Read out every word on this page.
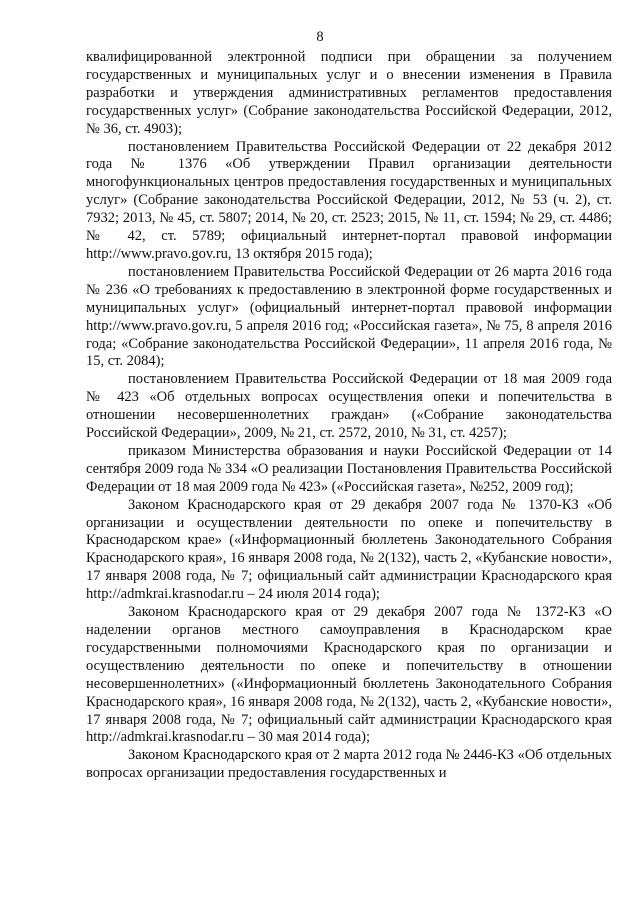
8

квалифицированной электронной подписи при обращении за получением государственных и муниципальных услуг и о внесении изменения в Правила разработки и утверждения административных регламентов предоставления государственных услуг» (Собрание законодательства Российской Федерации, 2012, № 36, ст. 4903);

постановлением Правительства Российской Федерации от 22 декабря 2012 года № 1376 «Об утверждении Правил организации деятельности многофункциональных центров предоставления государственных и муниципальных услуг» (Собрание законодательства Российской Федерации, 2012, № 53 (ч. 2), ст. 7932; 2013, № 45, ст. 5807; 2014, № 20, ст. 2523; 2015, № 11, ст. 1594; № 29, ст. 4486; № 42, ст. 5789; официальный интернет-портал правовой информации http://www.pravo.gov.ru, 13 октября 2015 года);

постановлением Правительства Российской Федерации от 26 марта 2016 года № 236 «О требованиях к предоставлению в электронной форме государственных и муниципальных услуг» (официальный интернет-портал правовой информации http://www.pravo.gov.ru, 5 апреля 2016 год; «Российская газета», № 75, 8 апреля 2016 года; «Собрание законодательства Российской Федерации», 11 апреля 2016 года, № 15, ст. 2084);

постановлением Правительства Российской Федерации от 18 мая 2009 года № 423 «Об отдельных вопросах осуществления опеки и попечительства в отношении несовершеннолетних граждан» («Собрание законодательства Российской Федерации», 2009, № 21, ст. 2572, 2010, № 31, ст. 4257);

приказом Министерства образования и науки Российской Федерации от 14 сентября 2009 года № 334 «О реализации Постановления Правительства Российской Федерации от 18 мая 2009 года № 423» («Российская газета», №252, 2009 год);

Законом Краснодарского края от 29 декабря 2007 года № 1370-КЗ «Об организации и осуществлении деятельности по опеке и попечительству в Краснодарском крае» («Информационный бюллетень Законодательного Собрания Краснодарского края», 16 января 2008 года, № 2(132), часть 2, «Кубанские новости», 17 января 2008 года, № 7; официальный сайт администрации Краснодарского края http://admkrai.krasnodar.ru – 24 июля 2014 года);

Законом Краснодарского края от 29 декабря 2007 года № 1372-КЗ «О наделении органов местного самоуправления в Краснодарском крае государственными полномочиями Краснодарского края по организации и осуществлению деятельности по опеке и попечительству в отношении несовершеннолетних» («Информационный бюллетень Законодательного Собрания Краснодарского края», 16 января 2008 года, № 2(132), часть 2, «Кубанские новости», 17 января 2008 года, № 7; официальный сайт администрации Краснодарского края http://admkrai.krasnodar.ru – 30 мая 2014 года);

Законом Краснодарского края от 2 марта 2012 года № 2446-КЗ «Об отдельных вопросах организации предоставления государственных и
